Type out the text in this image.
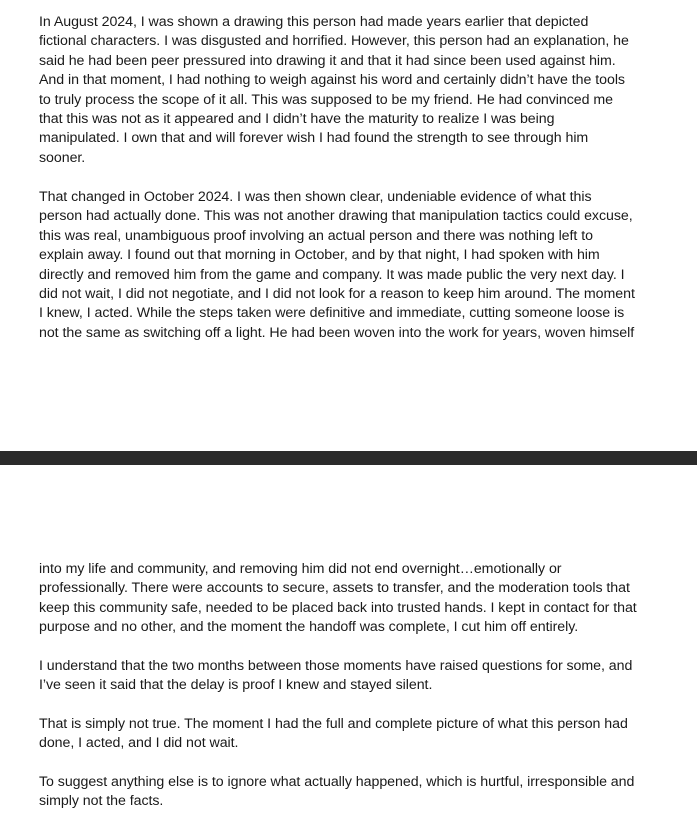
In August 2024, I was shown a drawing this person had made years earlier that depicted
fictional characters. I was disgusted and horrified. However, this person had an explanation, he
said he had been peer pressured into drawing it and that it had since been used against him.
And in that moment, I had nothing to weigh against his word and certainly didn’t have the tools
to truly process the scope of it all. This was supposed to be my friend. He had convinced me
that this was not as it appeared and I didn’t have the maturity to realize I was being
manipulated. I own that and will forever wish I had found the strength to see through him
sooner.

That changed in October 2024. I was then shown clear, undeniable evidence of what this
person had actually done. This was not another drawing that manipulation tactics could excuse,
this was real, unambiguous proof involving an actual person and there was nothing left to
explain away. I found out that morning in October, and by that night, I had spoken with him
directly and removed him from the game and company. It was made public the very next day. I
did not wait, I did not negotiate, and I did not look for a reason to keep him around. The moment
I knew, I acted. While the steps taken were definitive and immediate, cutting someone loose is
not the same as switching off a light. He had been woven into the work for years, woven himself

into my life and community, and removing him did not end overnight…emotionally or
professionally. There were accounts to secure, assets to transfer, and the moderation tools that
keep this community safe, needed to be placed back into trusted hands. I kept in contact for that
purpose and no other, and the moment the handoff was complete, I cut him off entirely.

I understand that the two months between those moments have raised questions for some, and
I’ve seen it said that the delay is proof I knew and stayed silent.

That is simply not true. The moment I had the full and complete picture of what this person had
done, I acted, and I did not wait.

To suggest anything else is to ignore what actually happened, which is hurtful, irresponsible and
simply not the facts.
